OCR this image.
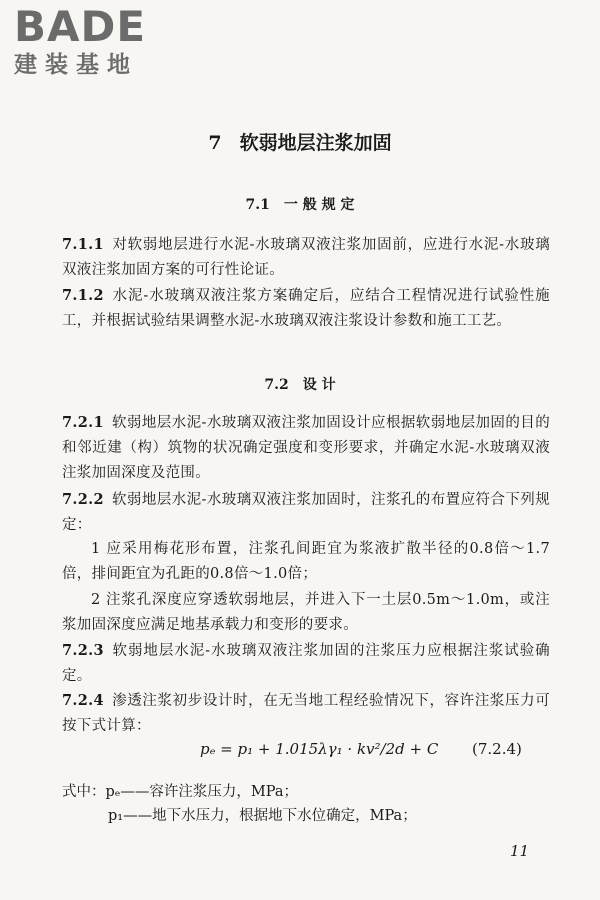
BADE
建装基地
7 软弱地层注浆加固
7.1 一 般 规 定
7.1.1 对软弱地层进行水泥-水玻璃双液注浆加固前，应进行水泥-水玻璃双液注浆加固方案的可行性论证。
7.1.2 水泥-水玻璃双液注浆方案确定后，应结合工程情况进行试验性施工，并根据试验结果调整水泥-水玻璃双液注浆设计参数和施工工艺。
7.2 设 计
7.2.1 软弱地层水泥-水玻璃双液注浆加固设计应根据软弱地层加固的目的和邻近建（构）筑物的状况确定强度和变形要求，并确定水泥-水玻璃双液注浆加固深度及范围。
7.2.2 软弱地层水泥-水玻璃双液注浆加固时，注浆孔的布置应符合下列规定：
1 应采用梅花形布置，注浆孔间距宜为浆液扩散半径的0.8倍～1.7倍，排间距宜为孔距的0.8倍～1.0倍；
2 注浆孔深度应穿透软弱地层，并进入下一土层0.5m～1.0m，或注浆加固深度应满足地基承载力和变形的要求。
7.2.3 软弱地层水泥-水玻璃双液注浆加固的注浆压力应根据注浆试验确定。
7.2.4 渗透注浆初步设计时，在无当地工程经验情况下，容许注浆压力可按下式计算：
pₑ = p₁ + 1.015λγ₁ · kv²/2d + C (7.2.4)
式中：pₑ——容许注浆压力，MPa；
p₁——地下水压力，根据地下水位确定，MPa；
11
